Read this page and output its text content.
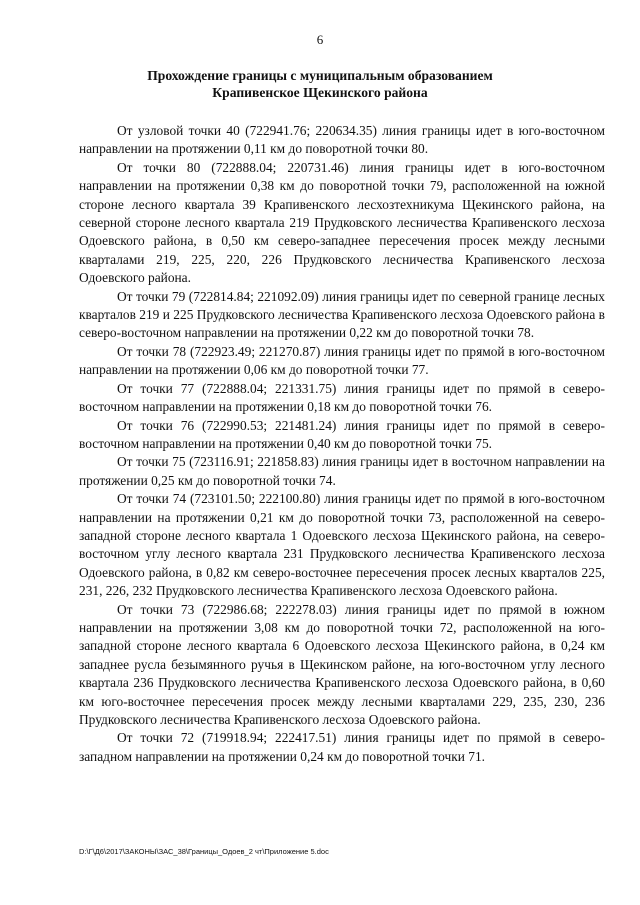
6
Прохождение границы с муниципальным образованием
Крапивенское Щекинского района

От узловой точки 40 (722941.76; 220634.35) линия границы идет в юго-восточном направлении на протяжении 0,11 км до поворотной точки 80.

От точки 80 (722888.04; 220731.46) линия границы идет в юго-восточном направлении на протяжении 0,38 км до поворотной точки 79, расположенной на южной стороне лесного квартала 39 Крапивенского лесхозтехникума Щекинского района, на северной стороне лесного квартала 219 Прудковского лесничества Крапивенского лесхоза Одоевского района, в 0,50 км северо-западнее пересечения просек между лесными кварталами 219, 225, 220, 226 Прудковского лесничества Крапивенского лесхоза Одоевского района.

От точки 79 (722814.84; 221092.09) линия границы идет по северной границе лесных кварталов 219 и 225 Прудковского лесничества Крапивенского лесхоза Одоевского района в северо-восточном направлении на протяжении 0,22 км до поворотной точки 78.

От точки 78 (722923.49; 221270.87) линия границы идет по прямой в юго-восточном направлении на протяжении 0,06 км до поворотной точки 77.

От точки 77 (722888.04; 221331.75) линия границы идет по прямой в северо-восточном направлении на протяжении 0,18 км до поворотной точки 76.

От точки 76 (722990.53; 221481.24) линия границы идет по прямой в северо-восточном направлении на протяжении 0,40 км до поворотной точки 75.

От точки 75 (723116.91; 221858.83) линия границы идет в восточном направлении на протяжении 0,25 км до поворотной точки 74.

От точки 74 (723101.50; 222100.80) линия границы идет по прямой в юго-восточном направлении на протяжении 0,21 км до поворотной точки 73, расположенной на северо-западной стороне лесного квартала 1 Одоевского лесхоза Щекинского района, на северо-восточном углу лесного квартала 231 Прудковского лесничества Крапивенского лесхоза Одоевского района, в 0,82 км северо-восточнее пересечения просек лесных кварталов 225, 231, 226, 232 Прудковского лесничества Крапивенского лесхоза Одоевского района.

От точки 73 (722986.68; 222278.03) линия границы идет по прямой в южном направлении на протяжении 3,08 км до поворотной точки 72, расположенной на юго-западной стороне лесного квартала 6 Одоевского лесхоза Щекинского района, в 0,24 км западнее русла безымянного ручья в Щекинском районе, на юго-восточном углу лесного квартала 236 Прудковского лесничества Крапивенского лесхоза Одоевского района, в 0,60 км юго-восточнее пересечения просек между лесными кварталами 229, 235, 230, 236 Прудковского лесничества Крапивенского лесхоза Одоевского района.

От точки 72 (719918.94; 222417.51) линия границы идет по прямой в северо-западном направлении на протяжении 0,24 км до поворотной точки 71.

D:\Г\Д6\2017\ЗАКОНЫ\ЗАС_38\Границы_Одоев_2 чт\Приложение 5.doc
